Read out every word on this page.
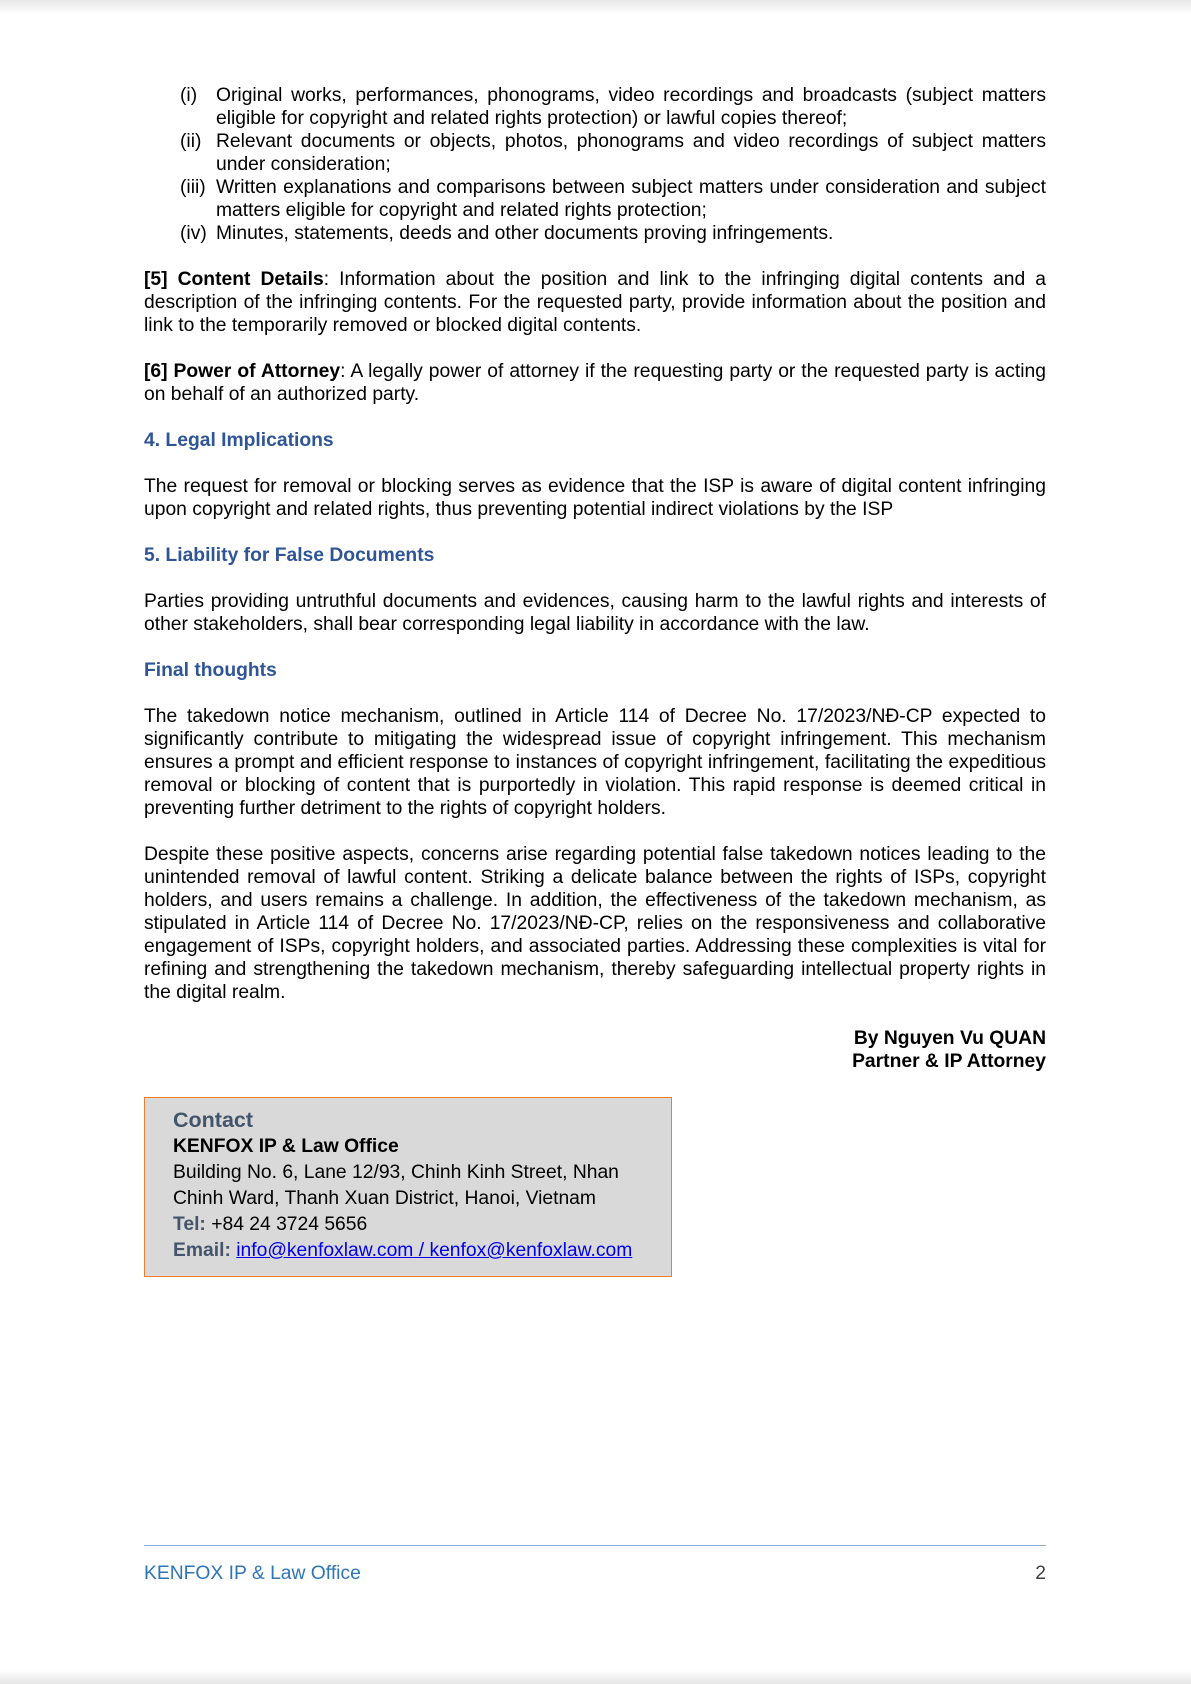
(i) Original works, performances, phonograms, video recordings and broadcasts (subject matters eligible for copyright and related rights protection) or lawful copies thereof;
(ii) Relevant documents or objects, photos, phonograms and video recordings of subject matters under consideration;
(iii) Written explanations and comparisons between subject matters under consideration and subject matters eligible for copyright and related rights protection;
(iv) Minutes, statements, deeds and other documents proving infringements.

[5] Content Details: Information about the position and link to the infringing digital contents and a description of the infringing contents. For the requested party, provide information about the position and link to the temporarily removed or blocked digital contents.

[6] Power of Attorney: A legally power of attorney if the requesting party or the requested party is acting on behalf of an authorized party.

4. Legal Implications

The request for removal or blocking serves as evidence that the ISP is aware of digital content infringing upon copyright and related rights, thus preventing potential indirect violations by the ISP

5. Liability for False Documents

Parties providing untruthful documents and evidences, causing harm to the lawful rights and interests of other stakeholders, shall bear corresponding legal liability in accordance with the law.

Final thoughts

The takedown notice mechanism, outlined in Article 114 of Decree No. 17/2023/NĐ-CP expected to significantly contribute to mitigating the widespread issue of copyright infringement. This mechanism ensures a prompt and efficient response to instances of copyright infringement, facilitating the expeditious removal or blocking of content that is purportedly in violation. This rapid response is deemed critical in preventing further detriment to the rights of copyright holders.

Despite these positive aspects, concerns arise regarding potential false takedown notices leading to the unintended removal of lawful content. Striking a delicate balance between the rights of ISPs, copyright holders, and users remains a challenge. In addition, the effectiveness of the takedown mechanism, as stipulated in Article 114 of Decree No. 17/2023/NĐ-CP, relies on the responsiveness and collaborative engagement of ISPs, copyright holders, and associated parties. Addressing these complexities is vital for refining and strengthening the takedown mechanism, thereby safeguarding intellectual property rights in the digital realm.

By Nguyen Vu QUAN
Partner & IP Attorney
Contact
KENFOX IP & Law Office
Building No. 6, Lane 12/93, Chinh Kinh Street, Nhan
Chinh Ward, Thanh Xuan District, Hanoi, Vietnam
Tel: +84 24 3724 5656
Email: info@kenfoxlaw.com / kenfox@kenfoxlaw.com
KENFOX IP & Law Office	2
